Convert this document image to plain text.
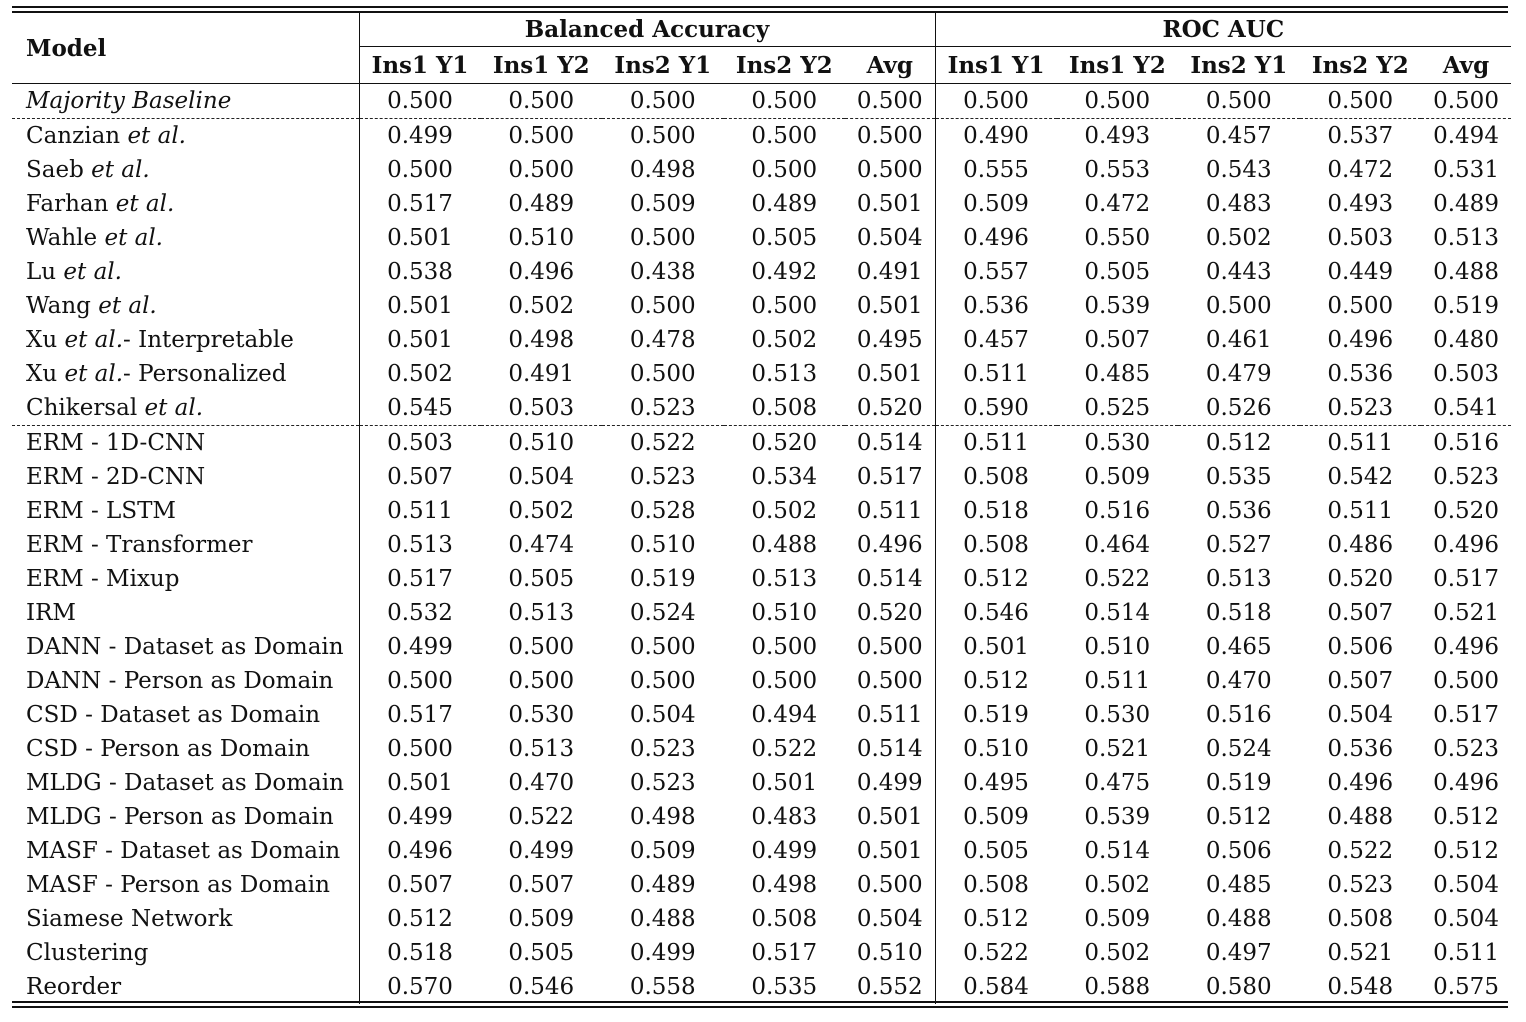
Model	Balanced Accuracy					ROC AUC				
	Ins1 Y1	Ins1 Y2	Ins2 Y1	Ins2 Y2	Avg	Ins1 Y1	Ins1 Y2	Ins2 Y1	Ins2 Y2	Avg
Majority Baseline	0.500	0.500	0.500	0.500	0.500	0.500	0.500	0.500	0.500	0.500
Canzian et al.	0.499	0.500	0.500	0.500	0.500	0.490	0.493	0.457	0.537	0.494
Saeb et al.	0.500	0.500	0.498	0.500	0.500	0.555	0.553	0.543	0.472	0.531
Farhan et al.	0.517	0.489	0.509	0.489	0.501	0.509	0.472	0.483	0.493	0.489
Wahle et al.	0.501	0.510	0.500	0.505	0.504	0.496	0.550	0.502	0.503	0.513
Lu et al.	0.538	0.496	0.438	0.492	0.491	0.557	0.505	0.443	0.449	0.488
Wang et al.	0.501	0.502	0.500	0.500	0.501	0.536	0.539	0.500	0.500	0.519
Xu et al.- Interpretable	0.501	0.498	0.478	0.502	0.495	0.457	0.507	0.461	0.496	0.480
Xu et al.- Personalized	0.502	0.491	0.500	0.513	0.501	0.511	0.485	0.479	0.536	0.503
Chikersal et al.	0.545	0.503	0.523	0.508	0.520	0.590	0.525	0.526	0.523	0.541
ERM - 1D-CNN	0.503	0.510	0.522	0.520	0.514	0.511	0.530	0.512	0.511	0.516
ERM - 2D-CNN	0.507	0.504	0.523	0.534	0.517	0.508	0.509	0.535	0.542	0.523
ERM - LSTM	0.511	0.502	0.528	0.502	0.511	0.518	0.516	0.536	0.511	0.520
ERM - Transformer	0.513	0.474	0.510	0.488	0.496	0.508	0.464	0.527	0.486	0.496
ERM - Mixup	0.517	0.505	0.519	0.513	0.514	0.512	0.522	0.513	0.520	0.517
IRM	0.532	0.513	0.524	0.510	0.520	0.546	0.514	0.518	0.507	0.521
DANN - Dataset as Domain	0.499	0.500	0.500	0.500	0.500	0.501	0.510	0.465	0.506	0.496
DANN - Person as Domain	0.500	0.500	0.500	0.500	0.500	0.512	0.511	0.470	0.507	0.500
CSD - Dataset as Domain	0.517	0.530	0.504	0.494	0.511	0.519	0.530	0.516	0.504	0.517
CSD - Person as Domain	0.500	0.513	0.523	0.522	0.514	0.510	0.521	0.524	0.536	0.523
MLDG - Dataset as Domain	0.501	0.470	0.523	0.501	0.499	0.495	0.475	0.519	0.496	0.496
MLDG - Person as Domain	0.499	0.522	0.498	0.483	0.501	0.509	0.539	0.512	0.488	0.512
MASF - Dataset as Domain	0.496	0.499	0.509	0.499	0.501	0.505	0.514	0.506	0.522	0.512
MASF - Person as Domain	0.507	0.507	0.489	0.498	0.500	0.508	0.502	0.485	0.523	0.504
Siamese Network	0.512	0.509	0.488	0.508	0.504	0.512	0.509	0.488	0.508	0.504
Clustering	0.518	0.505	0.499	0.517	0.510	0.522	0.502	0.497	0.521	0.511
Reorder	0.570	0.546	0.558	0.535	0.552	0.584	0.588	0.580	0.548	0.575
